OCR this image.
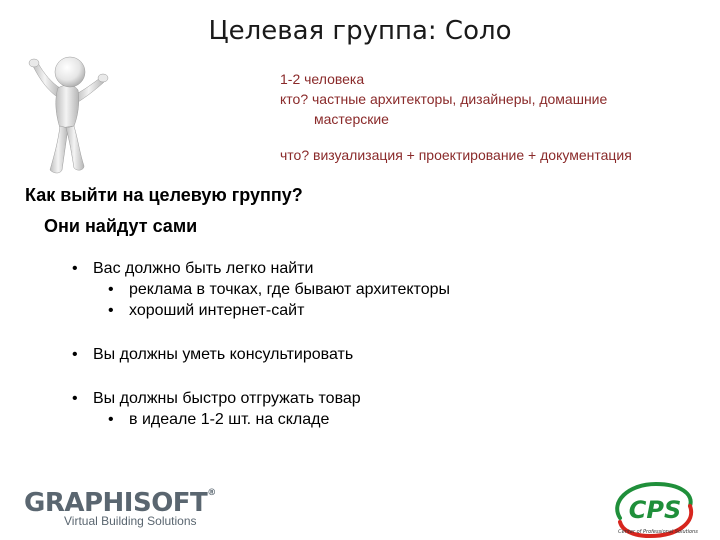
Целевая группа: Соло
1-2 человека
кто? частные архитекторы, дизайнеры, домашние
мастерские
что? визуализация + проектирование + документация
Как выйти на целевую группу?
Они найдут сами
• Вас должно быть легко найти
• реклама в точках, где бывают архитекторы
• хороший интернет-сайт
• Вы должны уметь консультировать
• Вы должны быстро отгружать товар
• в идеале 1-2 шт. на складе
GRAPHISOFT®
Virtual Building Solutions	CPS
Center of Professional Solutions
